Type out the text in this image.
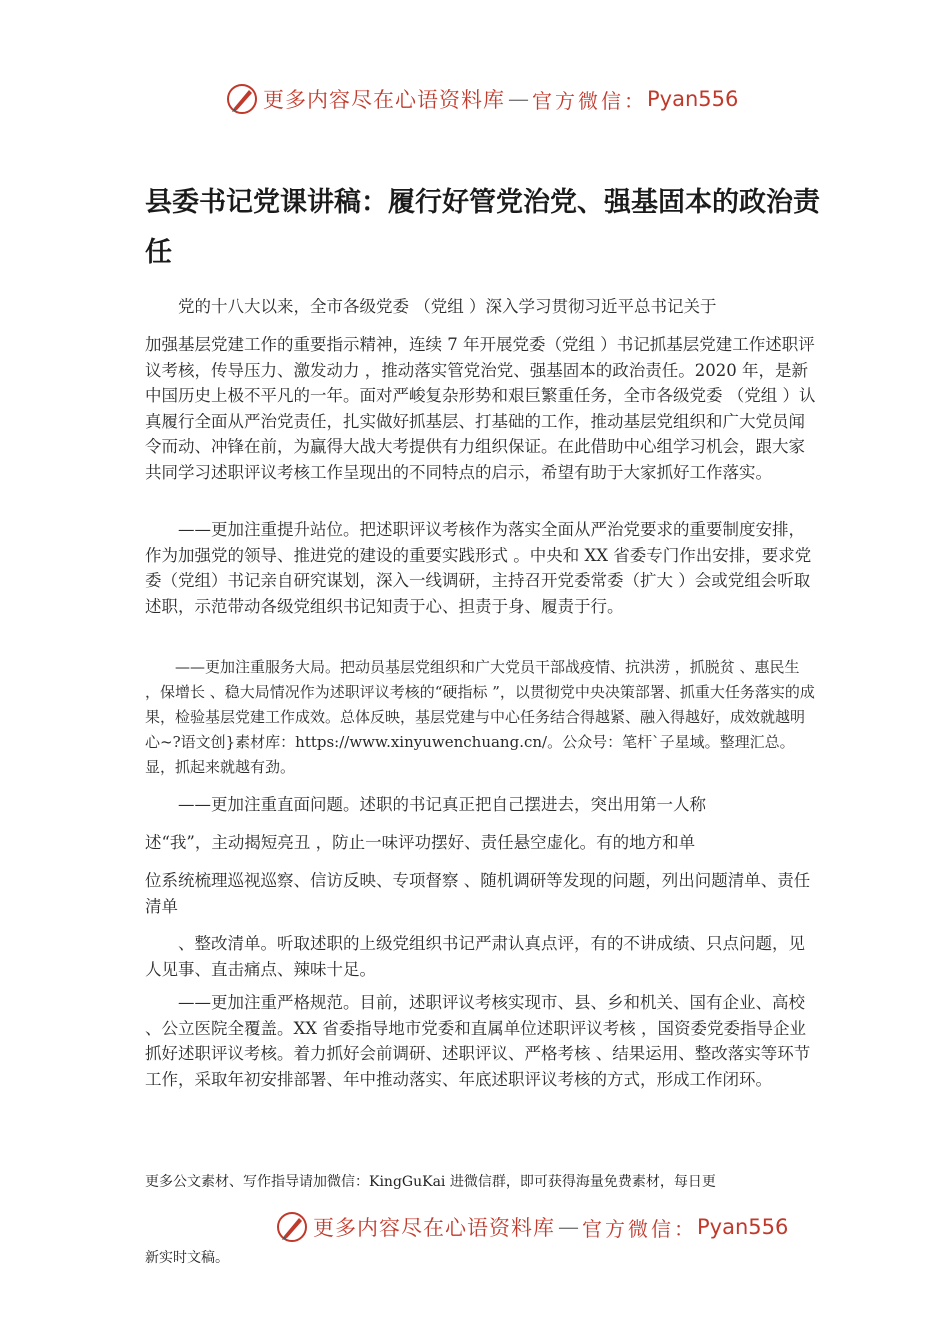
更多内容尽在心语资料库 — 官方微信： Pyan556
县委书记党课讲稿：履行好管党治党、强基固本的政治责任
党的十八大以来，全市各级党委 （党组 ）深入学习贯彻习近平总书记关于
加强基层党建工作的重要指示精神，连续 7 年开展党委（党组 ）书记抓基层党建工作述职评议考核，传导压力、激发动力 ，推动落实管党治党、强基固本的政治责任。2020 年，是新中国历史上极不平凡的一年。面对严峻复杂形势和艰巨繁重任务，全市各级党委 （党组 ）认真履行全面从严治党责任，扎实做好抓基层、打基础的工作，推动基层党组织和广大党员闻令而动、冲锋在前，为赢得大战大考提供有力组织保证。在此借助中心组学习机会，跟大家共同学习述职评议考核工作呈现出的不同特点的启示，希望有助于大家抓好工作落实。
——更加注重提升站位。把述职评议考核作为落实全面从严治党要求的重要制度安排，作为加强党的领导、推进党的建设的重要实践形式 。中央和 XX 省委专门作出安排，要求党委（党组）书记亲自研究谋划，深入一线调研，主持召开党委常委（扩大 ）会或党组会听取述职，示范带动各级党组织书记知责于心、担责于身、履责于行。
——更加注重服务大局。把动员基层党组织和广大党员干部战疫情、抗洪涝 ，抓脱贫 、惠民生 ，保增长 、稳大局情况作为述职评议考核的“硬指标 ”，以贯彻党中央决策部署、抓重大任务落实的成果，检验基层党建工作成效。总体反映，基层党建与中心任务结合得越紧、融入得越好，成效就越明心~?语文创}素材库：https://www.xinyuwenchuang.cn/。公众号：笔杆`子星域。整理汇总。显，抓起来就越有劲。
——更加注重直面问题。述职的书记真正把自己摆进去，突出用第一人称
述“我”，主动揭短亮丑 ，防止一味评功摆好、责任悬空虚化。有的地方和单
位系统梳理巡视巡察、信访反映、专项督察 、随机调研等发现的问题，列出问题清单、责任清单
、整改清单。听取述职的上级党组织书记严肃认真点评，有的不讲成绩、只点问题，见人见事、直击痛点、辣味十足。
——更加注重严格规范。目前，述职评议考核实现市、县、乡和机关、国有企业、高校 、公立医院全覆盖。XX 省委指导地市党委和直属单位述职评议考核 ，国资委党委指导企业抓好述职评议考核。着力抓好会前调研、述职评议、严格考核 、结果运用、整改落实等环节工作，采取年初安排部署、年中推动落实、年底述职评议考核的方式，形成工作闭环。
更多公文素材、写作指导请加微信：KingGuKai 进微信群，即可获得海量免费素材，每日更
更多内容尽在心语资料库 — 官方微信： Pyan556
新实时文稿。
